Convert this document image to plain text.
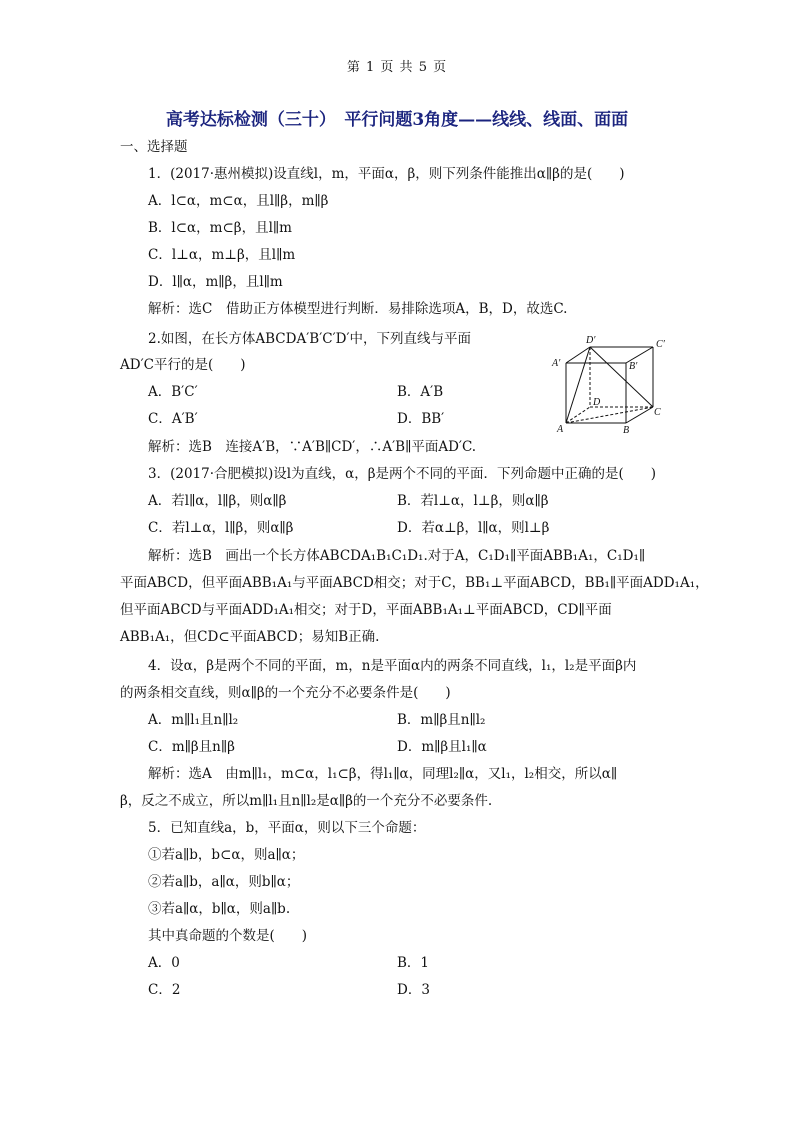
第 1 页 共 5 页
高考达标检测（三十）　平行问题3角度——线线、线面、面面
一、选择题
1．(2017·惠州模拟)设直线l，m，平面α，β，则下列条件能推出α∥β的是(　　)
A．l⊂α，m⊂α，且l∥β，m∥β
B．l⊂α，m⊂β，且l∥m
C．l⊥α，m⊥β，且l∥m
D．l∥α，m∥β，且l∥m
解析：选C　借助正方体模型进行判断．易排除选项A，B，D，故选C.
2.如图，在长方体ABCDA′B′C′D′中，下列直线与平面
AD′C平行的是(　　)
A．B′C′	B．A′B
C．A′B′	D．BB′
解析：选B　连接A′B，∵A′B∥CD′，∴A′B∥平面AD′C.
D′	C′
A′	B′
D
C
A	B
3．(2017·合肥模拟)设l为直线，α，β是两个不同的平面．下列命题中正确的是(　　)
A．若l∥α，l∥β，则α∥β	B．若l⊥α，l⊥β，则α∥β
C．若l⊥α，l∥β，则α∥β	D．若α⊥β，l∥α，则l⊥β
解析：选B　画出一个长方体ABCDA₁B₁C₁D₁.对于A，C₁D₁∥平面ABB₁A₁，C₁D₁∥
平面ABCD，但平面ABB₁A₁与平面ABCD相交；对于C，BB₁⊥平面ABCD，BB₁∥平面ADD₁A₁，
但平面ABCD与平面ADD₁A₁相交；对于D，平面ABB₁A₁⊥平面ABCD，CD∥平面
ABB₁A₁，但CD⊂平面ABCD；易知B正确.
4．设α，β是两个不同的平面，m，n是平面α内的两条不同直线，l₁，l₂是平面β内
的两条相交直线，则α∥β的一个充分不必要条件是(　　)
A．m∥l₁且n∥l₂	B．m∥β且n∥l₂
C．m∥β且n∥β	D．m∥β且l₁∥α
解析：选A　由m∥l₁，m⊂α，l₁⊂β，得l₁∥α，同理l₂∥α，又l₁，l₂相交，所以α∥
β，反之不成立，所以m∥l₁且n∥l₂是α∥β的一个充分不必要条件.
5．已知直线a，b，平面α，则以下三个命题：
①若a∥b，b⊂α，则a∥α；
②若a∥b，a∥α，则b∥α；
③若a∥α，b∥α，则a∥b.
其中真命题的个数是(　　)
A．0	B．1
C．2	D．3
